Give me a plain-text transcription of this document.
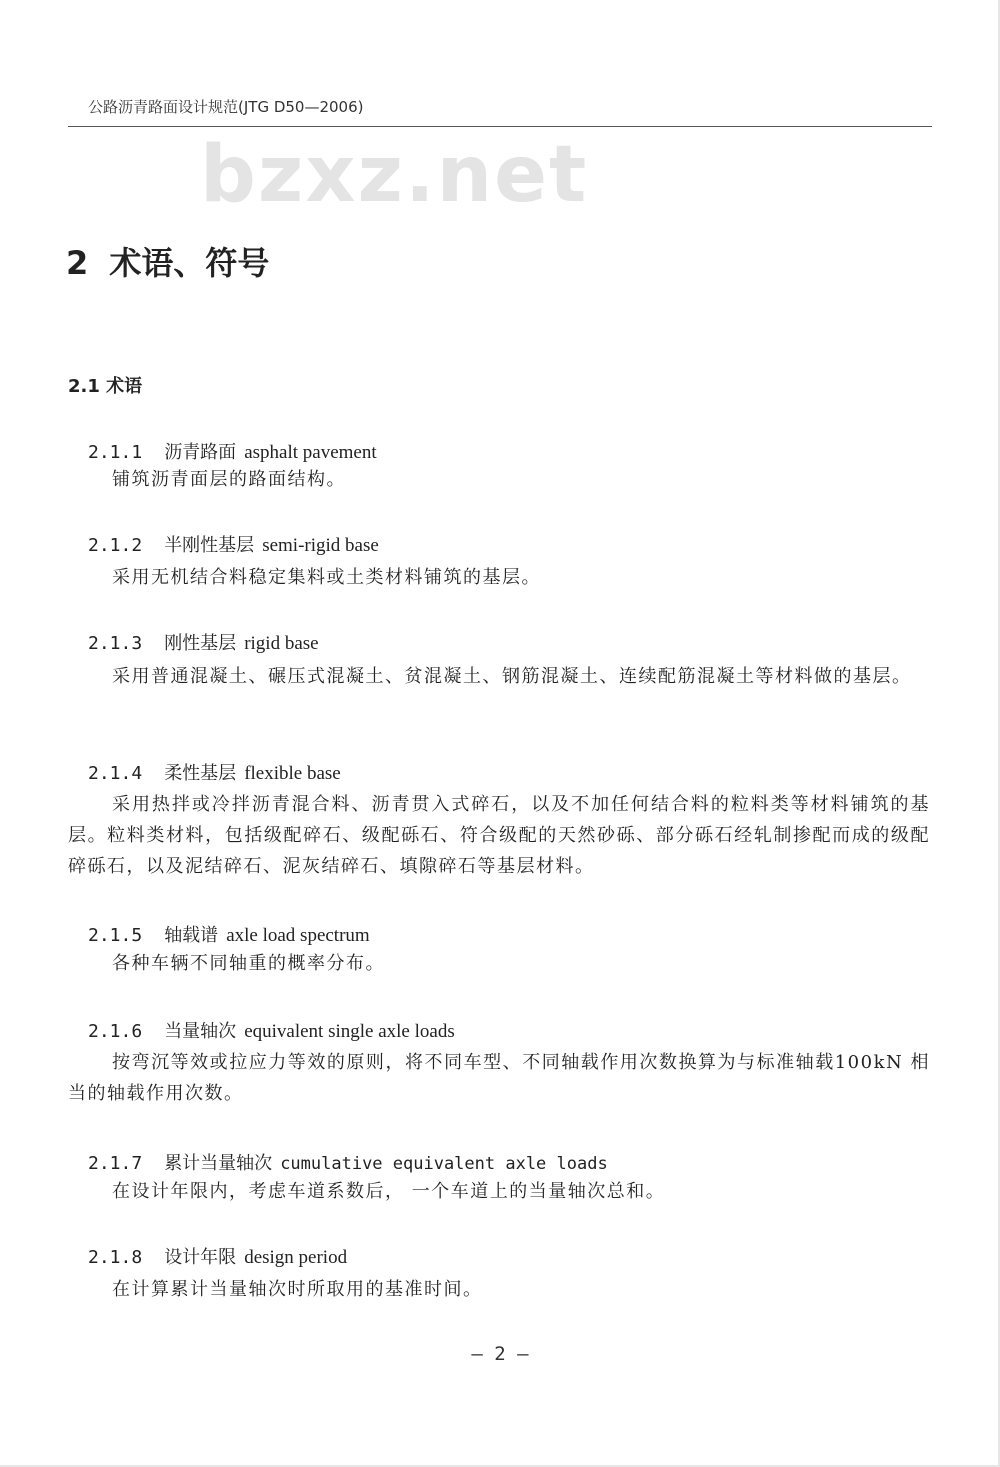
公路沥青路面设计规范(JTG D50—2006)
bzxz.net
2 术语、符号
2.1 术语
2.1.1 沥青路面 asphalt pavement
铺筑沥青面层的路面结构。
2.1.2 半刚性基层 semi-rigid base
采用无机结合料稳定集料或土类材料铺筑的基层。
2.1.3 刚性基层 rigid base
采用普通混凝土、碾压式混凝土、贫混凝土、钢筋混凝土、连续配筋混凝土等材料做的基层。
2.1.4 柔性基层 flexible base
采用热拌或冷拌沥青混合料、沥青贯入式碎石，以及不加任何结合料的粒料类等材料铺筑的基层。粒料类材料，包括级配碎石、级配砾石、符合级配的天然砂砾、部分砾石经轧制掺配而成的级配碎砾石，以及泥结碎石、泥灰结碎石、填隙碎石等基层材料。
2.1.5 轴载谱 axle load spectrum
各种车辆不同轴重的概率分布。
2.1.6 当量轴次 equivalent single axle loads
按弯沉等效或拉应力等效的原则，将不同车型、不同轴载作用次数换算为与标准轴载100kN 相当的轴载作用次数。
2.1.7 累计当量轴次 cumulative equivalent axle loads
在设计年限内，考虑车道系数后， 一个车道上的当量轴次总和。
2.1.8 设计年限 design period
在计算累计当量轴次时所取用的基准时间。
— 2 —
